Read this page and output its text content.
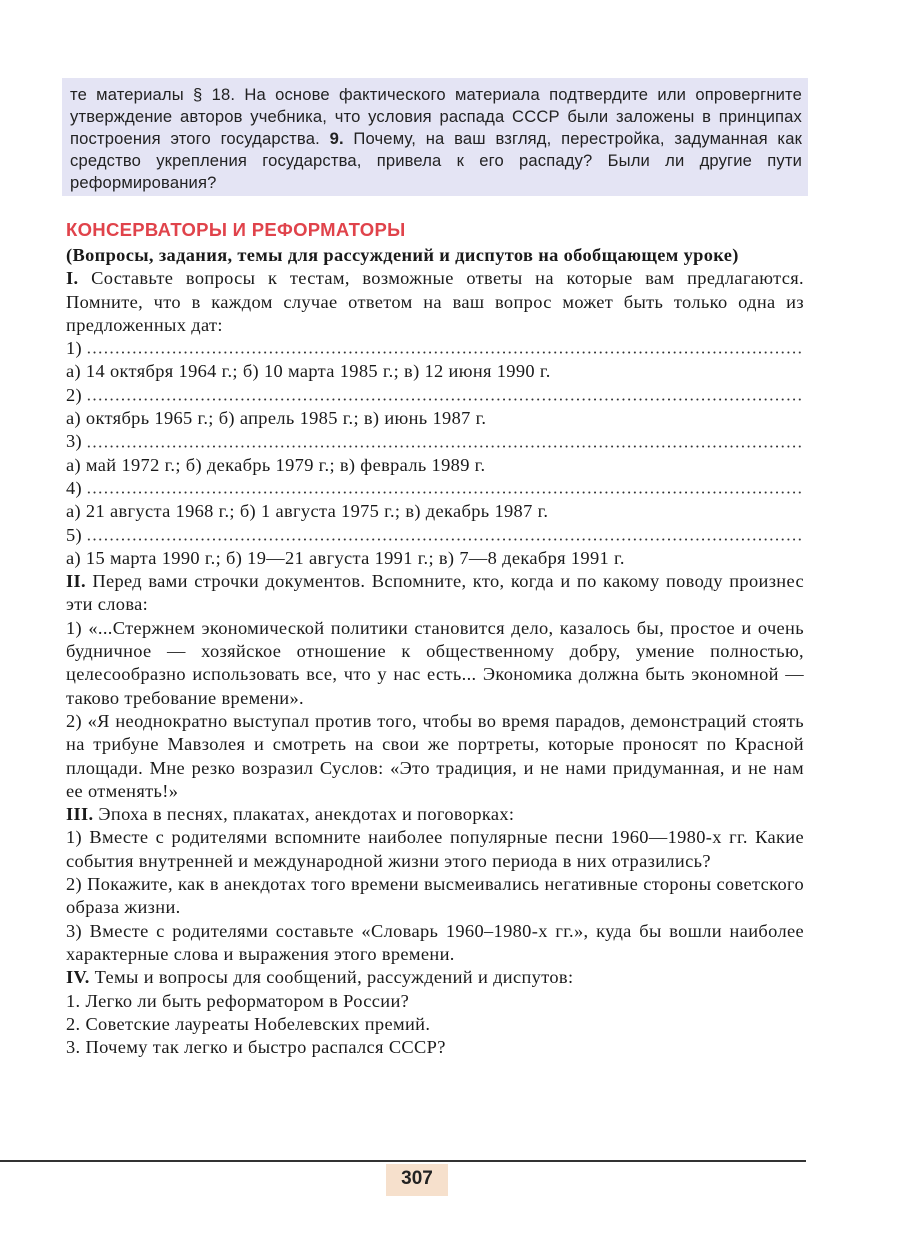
те материалы § 18. На основе фактического материала подтвердите или опровергните утверждение авторов учебника, что условия распада СССР были заложены в принципах построения этого государства. 9. Почему, на ваш взгляд, перестройка, задуманная как средство укрепления государства, привела к его распаду? Были ли другие пути реформирования?
КОНСЕРВАТОРЫ И РЕФОРМАТОРЫ

(Вопросы, задания, темы для рассуждений и диспутов на обобщающем уроке)

I. Составьте вопросы к тестам, возможные ответы на которые вам предлагаются. Помните, что в каждом случае ответом на ваш вопрос может быть только одна из предложенных дат:

1)

а) 14 октября 1964 г.; б) 10 марта 1985 г.; в) 12 июня 1990 г.

2)

а) октябрь 1965 г.; б) апрель 1985 г.; в) июнь 1987 г.

3)

а) май 1972 г.; б) декабрь 1979 г.; в) февраль 1989 г.

4)

а) 21 августа 1968 г.; б) 1 августа 1975 г.; в) декабрь 1987 г.

5)

а) 15 марта 1990 г.; б) 19—21 августа 1991 г.; в) 7—8 декабря 1991 г.

II. Перед вами строчки документов. Вспомните, кто, когда и по какому поводу произнес эти слова:

1) «...Стержнем экономической политики становится дело, казалось бы, простое и очень будничное — хозяйское отношение к общественному добру, умение полностью, целесообразно использовать все, что у нас есть... Экономика должна быть экономной — таково требование времени».

2) «Я неоднократно выступал против того, чтобы во время парадов, демонстраций стоять на трибуне Мавзолея и смотреть на свои же портреты, которые проносят по Красной площади. Мне резко возразил Суслов: «Это традиция, и не нами придуманная, и не нам ее отменять!»

III. Эпоха в песнях, плакатах, анекдотах и поговорках:

1) Вместе с родителями вспомните наиболее популярные песни 1960—1980-х гг. Какие события внутренней и международной жизни этого периода в них отразились?

2) Покажите, как в анекдотах того времени высмеивались негативные стороны советского образа жизни.

3) Вместе с родителями составьте «Словарь 1960–1980-х гг.», куда бы вошли наиболее характерные слова и выражения этого времени.

IV. Темы и вопросы для сообщений, рассуждений и диспутов:

1. Легко ли быть реформатором в России?

2. Советские лауреаты Нобелевских премий.

3. Почему так легко и быстро распался СССР?

307
